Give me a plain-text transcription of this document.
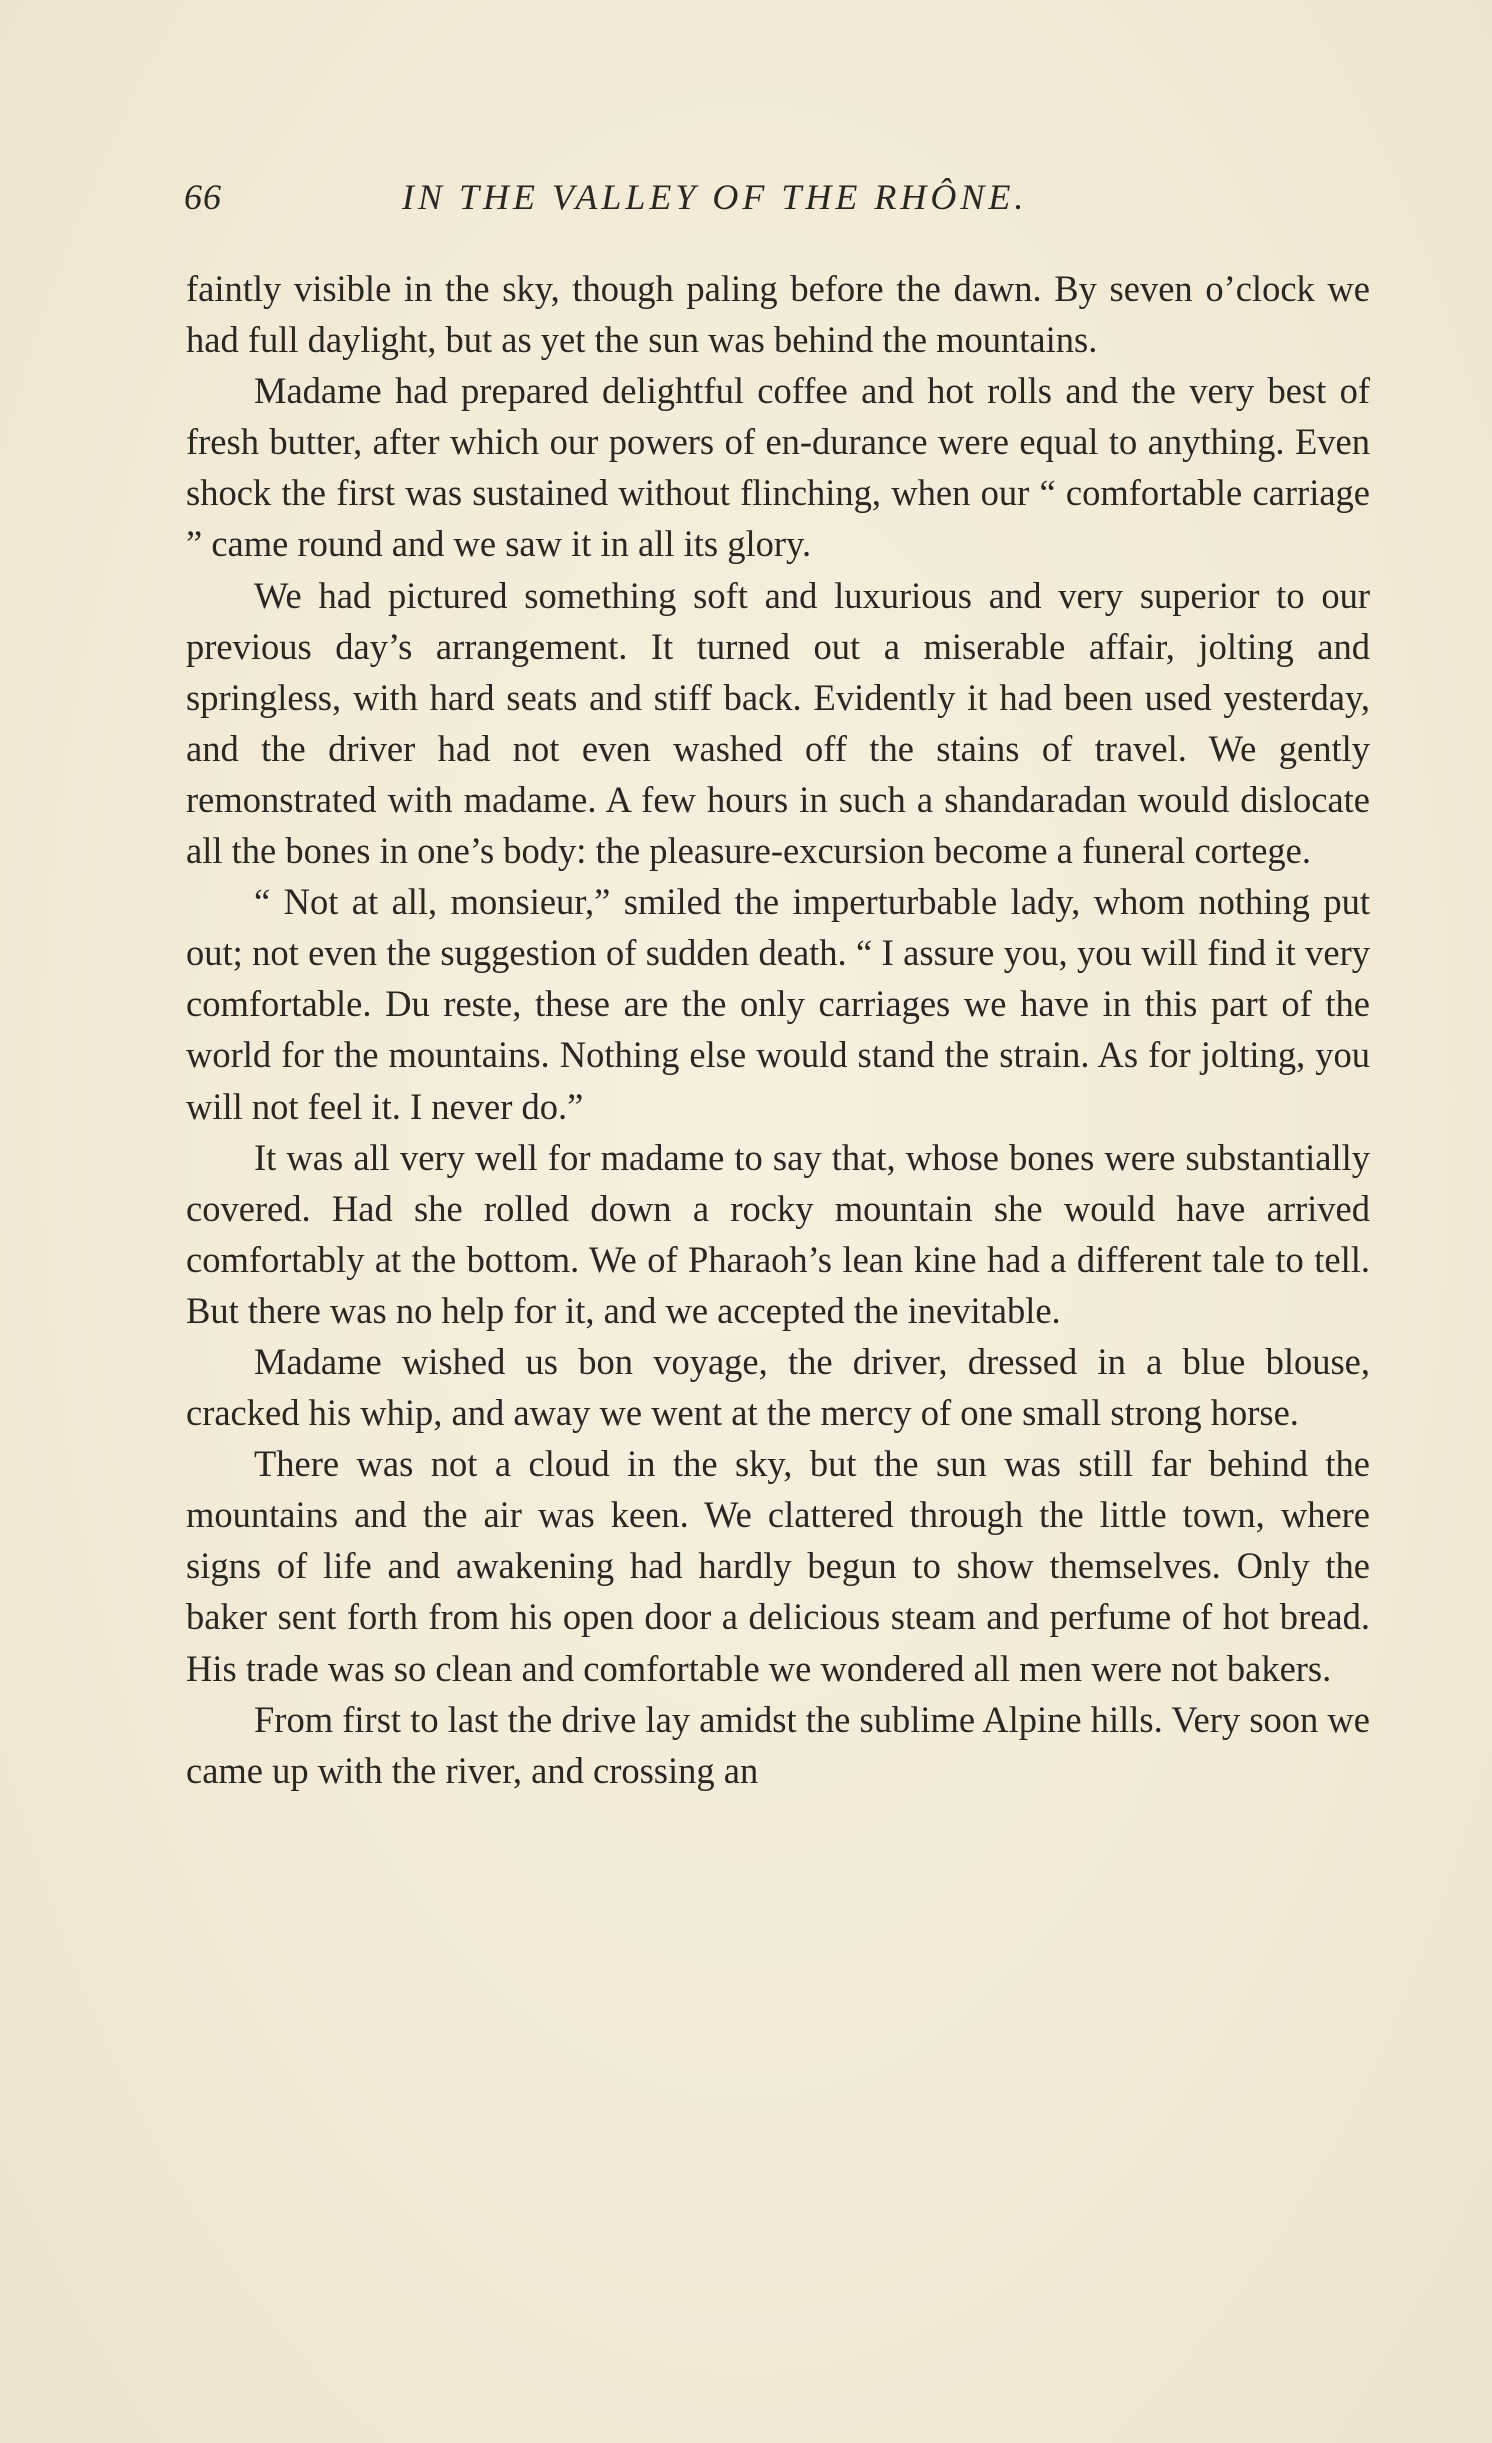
66	IN THE VALLEY OF THE RHÔNE.

faintly visible in the sky, though paling before the dawn. By seven o’clock we had full daylight, but as yet the sun was behind the mountains.

Madame had prepared delightful coffee and hot rolls and the very best of fresh butter, after which our powers of en-durance were equal to anything. Even shock the first was sustained without flinching, when our “ comfortable carriage ” came round and we saw it in all its glory.

We had pictured something soft and luxurious and very superior to our previous day’s arrangement. It turned out a miserable affair, jolting and springless, with hard seats and stiff back. Evidently it had been used yesterday, and the driver had not even washed off the stains of travel. We gently remonstrated with madame. A few hours in such a shandaradan would dislocate all the bones in one’s body: the pleasure-excursion become a funeral cortege.

“ Not at all, monsieur,” smiled the imperturbable lady, whom nothing put out; not even the suggestion of sudden death. “ I assure you, you will find it very comfortable. Du reste, these are the only carriages we have in this part of the world for the mountains. Nothing else would stand the strain. As for jolting, you will not feel it. I never do.”

It was all very well for madame to say that, whose bones were substantially covered. Had she rolled down a rocky mountain she would have arrived comfortably at the bottom. We of Pharaoh’s lean kine had a different tale to tell. But there was no help for it, and we accepted the inevitable.

Madame wished us bon voyage, the driver, dressed in a blue blouse, cracked his whip, and away we went at the mercy of one small strong horse.

There was not a cloud in the sky, but the sun was still far behind the mountains and the air was keen. We clattered through the little town, where signs of life and awakening had hardly begun to show themselves. Only the baker sent forth from his open door a delicious steam and perfume of hot bread. His trade was so clean and comfortable we wondered all men were not bakers.

From first to last the drive lay amidst the sublime Alpine hills. Very soon we came up with the river, and crossing an
